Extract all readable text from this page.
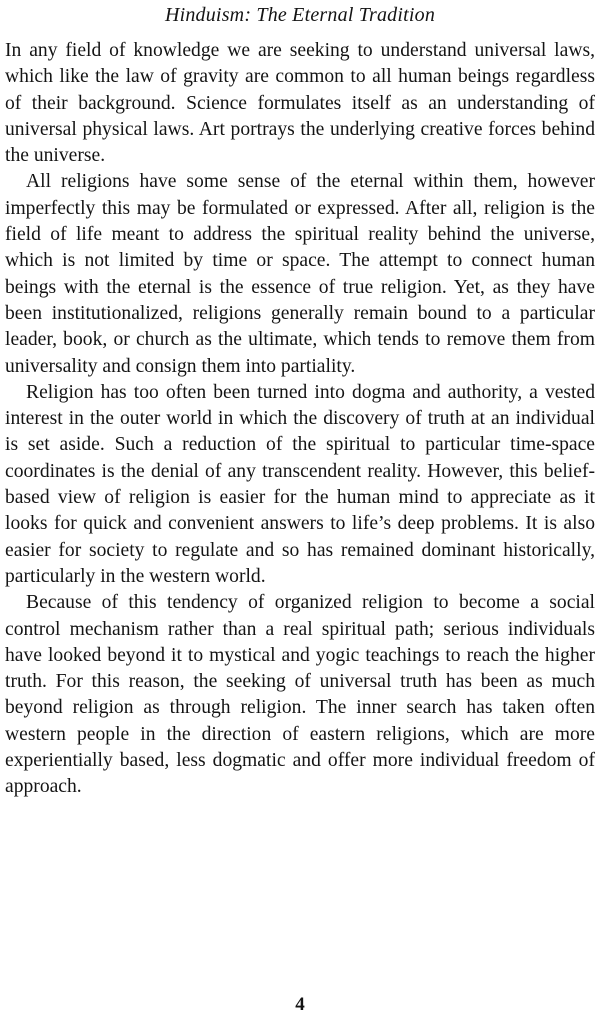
Hinduism: The Eternal Tradition

In any field of knowledge we are seeking to understand universal laws, which like the law of gravity are common to all human beings regardless of their background. Science formulates itself as an understanding of universal physical laws. Art portrays the underlying creative forces behind the universe.

All religions have some sense of the eternal within them, however imperfectly this may be formulated or expressed. After all, religion is the field of life meant to address the spiritual reality behind the universe, which is not limited by time or space. The attempt to connect human beings with the eternal is the essence of true religion. Yet, as they have been institutionalized, religions generally remain bound to a particular leader, book, or church as the ultimate, which tends to remove them from universality and consign them into partiality.

Religion has too often been turned into dogma and authority, a vested interest in the outer world in which the discovery of truth at an individual is set aside. Such a reduction of the spiritual to particular time-space coordinates is the denial of any transcendent reality. However, this belief-based view of religion is easier for the human mind to appreciate as it looks for quick and convenient answers to life’s deep problems. It is also easier for society to regulate and so has remained dominant historically, particularly in the western world.

Because of this tendency of organized religion to become a social control mechanism rather than a real spiritual path; serious individuals have looked beyond it to mystical and yogic teachings to reach the higher truth. For this reason, the seeking of universal truth has been as much beyond religion as through religion. The inner search has taken often western people in the direction of eastern religions, which are more experientially based, less dogmatic and offer more individual freedom of approach.

4
